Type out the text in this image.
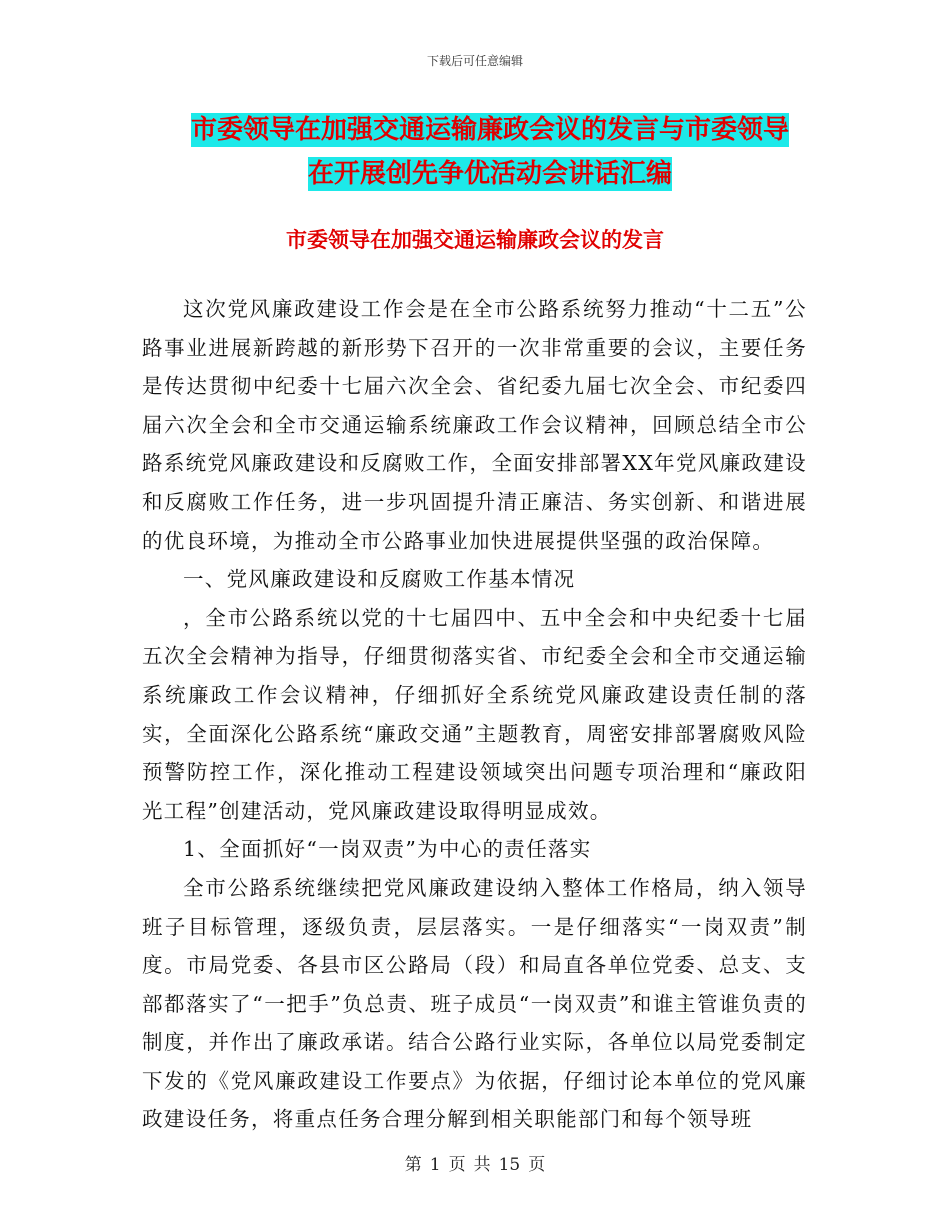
下载后可任意编辑
市委领导在加强交通运输廉政会议的发言与市委领导
在开展创先争优活动会讲话汇编
市委领导在加强交通运输廉政会议的发言

这次党风廉政建设工作会是在全市公路系统努力推动“十二五”公路事业进展新跨越的新形势下召开的一次非常重要的会议，主要任务是传达贯彻中纪委十七届六次全会、省纪委九届七次全会、市纪委四届六次全会和全市交通运输系统廉政工作会议精神，回顾总结全市公路系统党风廉政建设和反腐败工作，全面安排部署XX年党风廉政建设和反腐败工作任务，进一步巩固提升清正廉洁、务实创新、和谐进展的优良环境，为推动全市公路事业加快进展提供坚强的政治保障。

一、党风廉政建设和反腐败工作基本情况

，全市公路系统以党的十七届四中、五中全会和中央纪委十七届五次全会精神为指导，仔细贯彻落实省、市纪委全会和全市交通运输系统廉政工作会议精神，仔细抓好全系统党风廉政建设责任制的落实，全面深化公路系统“廉政交通”主题教育，周密安排部署腐败风险预警防控工作，深化推动工程建设领域突出问题专项治理和“廉政阳光工程”创建活动，党风廉政建设取得明显成效。

1、全面抓好“一岗双责”为中心的责任落实

全市公路系统继续把党风廉政建设纳入整体工作格局，纳入领导班子目标管理，逐级负责，层层落实。一是仔细落实“一岗双责”制度。市局党委、各县市区公路局（段）和局直各单位党委、总支、支部都落实了“一把手”负总责、班子成员“一岗双责”和谁主管谁负责的制度，并作出了廉政承诺。结合公路行业实际，各单位以局党委制定下发的《党风廉政建设工作要点》为依据，仔细讨论本单位的党风廉政建设任务，将重点任务合理分解到相关职能部门和每个领导班

第 1 页 共 15 页
